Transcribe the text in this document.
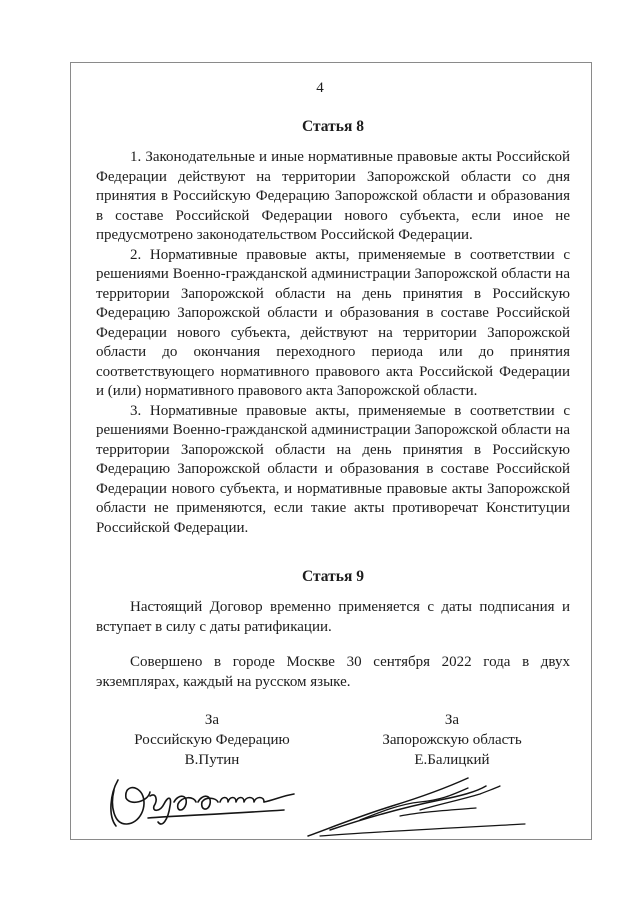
4
Статья 8

1. Законодательные и иные нормативные правовые акты Российской Федерации действуют на территории Запорожской области со дня принятия в Российскую Федерацию Запорожской области и образования в составе Российской Федерации нового субъекта, если иное не предусмотрено законодательством Российской Федерации.

2. Нормативные правовые акты, применяемые в соответствии с решениями Военно-гражданской администрации Запорожской области на территории Запорожской области на день принятия в Российскую Федерацию Запорожской области и образования в составе Российской Федерации нового субъекта, действуют на территории Запорожской области до окончания переходного периода или до принятия соответствующего нормативного правового акта Российской Федерации и (или) нормативного правового акта Запорожской области.

3. Нормативные правовые акты, применяемые в соответствии с решениями Военно-гражданской администрации Запорожской области на территории Запорожской области на день принятия в Российскую Федерацию Запорожской области и образования в составе Российской Федерации нового субъекта, и нормативные правовые акты Запорожской области не применяются, если такие акты противоречат Конституции Российской Федерации.

Статья 9

Настоящий Договор временно применяется с даты подписания и вступает в силу с даты ратификации.

Совершено в городе Москве 30 сентября 2022 года в двух экземплярах, каждый на русском языке.

За
Российскую Федерацию
В.Путин
За
Запорожскую область
Е.Балицкий
